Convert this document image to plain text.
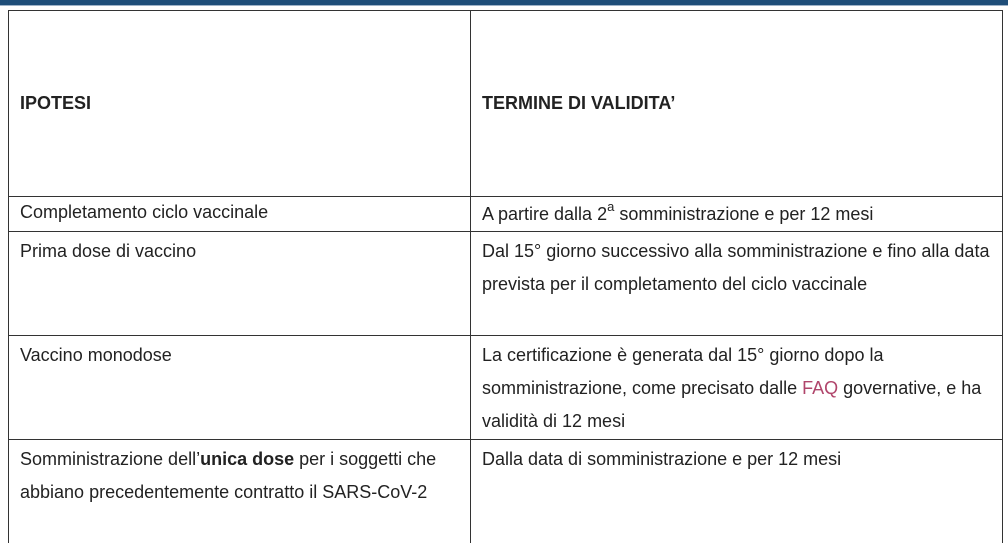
IPOTESI	TERMINE DI VALIDITA’
Completamento ciclo vaccinale	A partire dalla 2$^a$ somministrazione e per 12 mesi
Prima dose di vaccino	Dal 15° giorno successivo alla somministrazione e fino alla data prevista per il completamento del ciclo vaccinale
Vaccino monodose	La certificazione è generata dal 15° giorno dopo la somministrazione, come precisato dalle FAQ governative, e ha validità di 12 mesi
Somministrazione dell’unica dose per i soggetti che abbiano precedentemente contratto il SARS-CoV-2	Dalla data di somministrazione e per 12 mesi
